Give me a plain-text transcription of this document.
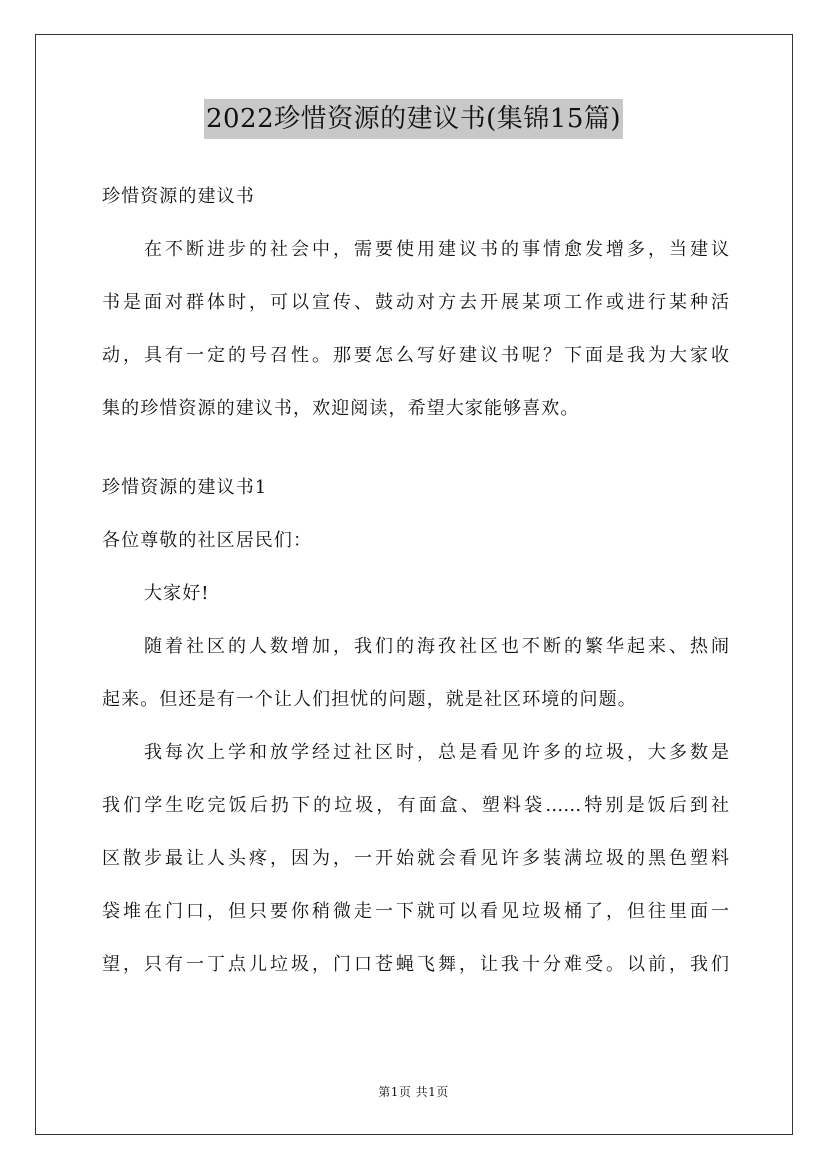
2022珍惜资源的建议书(集锦15篇)
珍惜资源的建议书
在不断进步的社会中，需要使用建议书的事情愈发增多，当建议
书是面对群体时，可以宣传、鼓动对方去开展某项工作或进行某种活
动，具有一定的号召性。那要怎么写好建议书呢？下面是我为大家收
集的珍惜资源的建议书，欢迎阅读，希望大家能够喜欢。
珍惜资源的建议书1
各位尊敬的社区居民们：
大家好!
随着社区的人数增加，我们的海孜社区也不断的繁华起来、热闹
起来。但还是有一个让人们担忧的问题，就是社区环境的问题。
我每次上学和放学经过社区时，总是看见许多的垃圾，大多数是
我们学生吃完饭后扔下的垃圾，有面盒、塑料袋……特别是饭后到社
区散步最让人头疼，因为，一开始就会看见许多装满垃圾的黑色塑料
袋堆在门口，但只要你稍微走一下就可以看见垃圾桶了，但往里面一
望，只有一丁点儿垃圾，门口苍蝇飞舞，让我十分难受。以前，我们
第1页 共1页
